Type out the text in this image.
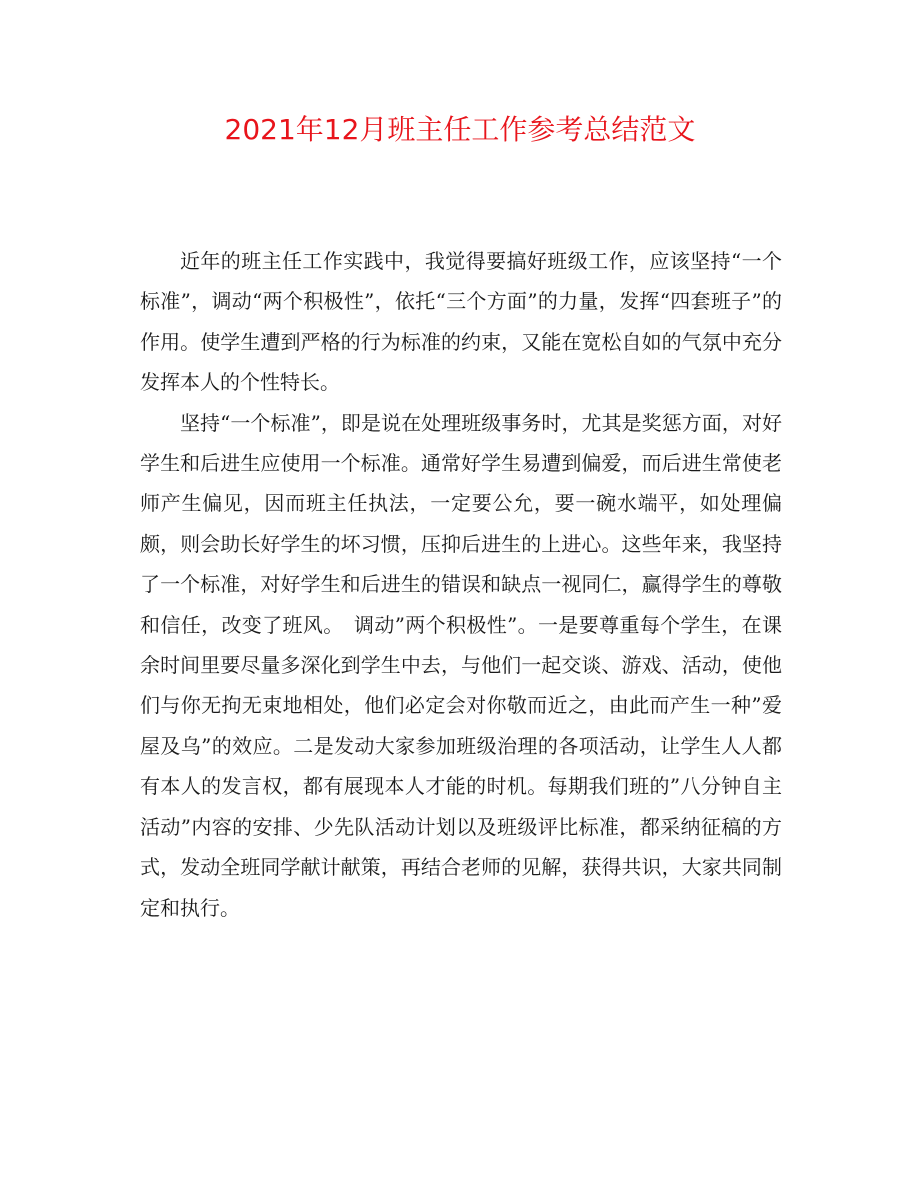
2021年12月班主任工作参考总结范文

近年的班主任工作实践中，我觉得要搞好班级工作，应该坚持“一个标准”，调动“两个积极性”，依托“三个方面”的力量，发挥“四套班子”的作用。使学生遭到严格的行为标准的约束，又能在宽松自如的气氛中充分发挥本人的个性特长。

坚持“一个标准”，即是说在处理班级事务时，尤其是奖惩方面，对好学生和后进生应使用一个标准。通常好学生易遭到偏爱，而后进生常使老师产生偏见，因而班主任执法，一定要公允，要一碗水端平，如处理偏颇，则会助长好学生的坏习惯，压抑后进生的上进心。这些年来，我坚持了一个标准，对好学生和后进生的错误和缺点一视同仁，赢得学生的尊敬和信任，改变了班风。　调动”两个积极性”。一是要尊重每个学生，在课余时间里要尽量多深化到学生中去，与他们一起交谈、游戏、活动，使他们与你无拘无束地相处，他们必定会对你敬而近之，由此而产生一种”爱屋及乌”的效应。二是发动大家参加班级治理的各项活动，让学生人人都有本人的发言权，都有展现本人才能的时机。每期我们班的”八分钟自主活动”内容的安排、少先队活动计划以及班级评比标准，都采纳征稿的方式，发动全班同学献计献策，再结合老师的见解，获得共识，大家共同制定和执行。
